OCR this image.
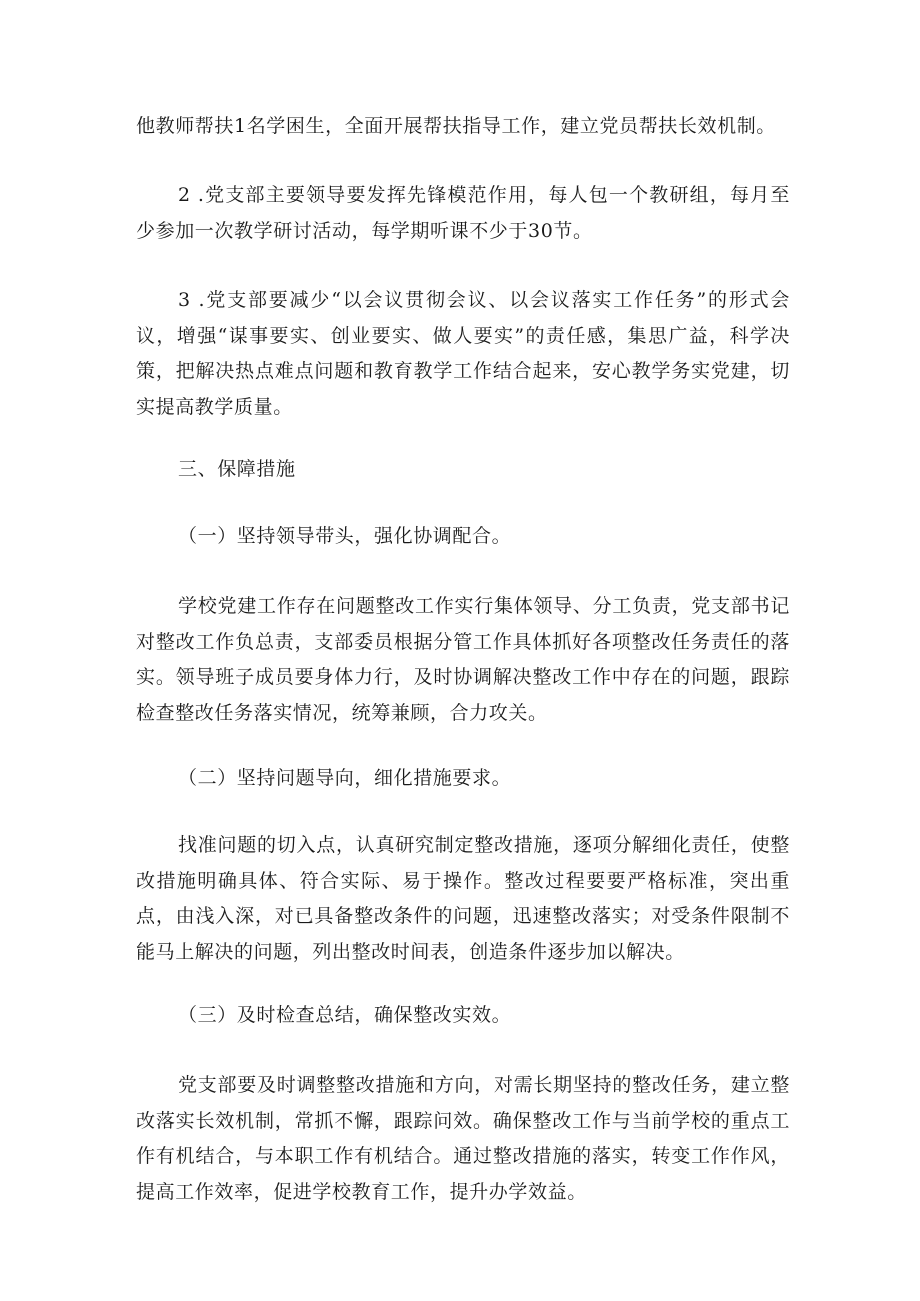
他教师帮扶1名学困生，全面开展帮扶指导工作，建立党员帮扶长效机制。

2 .党支部主要领导要发挥先锋模范作用，每人包一个教研组，每月至少参加一次教学研讨活动，每学期听课不少于30节。

3 .党支部要减少“以会议贯彻会议、以会议落实工作任务”的形式会议，增强“谋事要实、创业要实、做人要实”的责任感，集思广益，科学决策，把解决热点难点问题和教育教学工作结合起来，安心教学务实党建，切实提高教学质量。

三、保障措施

（一）坚持领导带头，强化协调配合。

学校党建工作存在问题整改工作实行集体领导、分工负责，党支部书记对整改工作负总责，支部委员根据分管工作具体抓好各项整改任务责任的落实。领导班子成员要身体力行，及时协调解决整改工作中存在的问题，跟踪检查整改任务落实情况，统筹兼顾，合力攻关。

（二）坚持问题导向，细化措施要求。

找准问题的切入点，认真研究制定整改措施，逐项分解细化责任，使整改措施明确具体、符合实际、易于操作。整改过程要要严格标准，突出重点，由浅入深，对已具备整改条件的问题，迅速整改落实；对受条件限制不能马上解决的问题，列出整改时间表，创造条件逐步加以解决。

（三）及时检查总结，确保整改实效。

党支部要及时调整整改措施和方向，对需长期坚持的整改任务，建立整改落实长效机制，常抓不懈，跟踪问效。确保整改工作与当前学校的重点工作有机结合，与本职工作有机结合。通过整改措施的落实，转变工作作风，提高工作效率，促进学校教育工作，提升办学效益。
